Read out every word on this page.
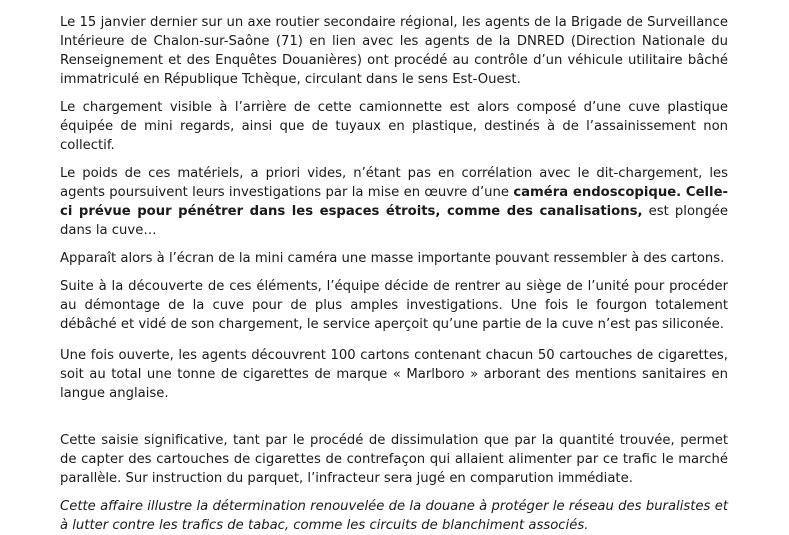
Le 15 janvier dernier sur un axe routier secondaire régional, les agents de la Brigade de Surveillance Intérieure de Chalon-sur-Saône (71) en lien avec les agents de la DNRED (Direction Nationale du Renseignement et des Enquêtes Douanières) ont procédé au contrôle d’un véhicule utilitaire bâché immatriculé en République Tchèque, circulant dans le sens Est-Ouest.

Le chargement visible à l’arrière de cette camionnette est alors composé d’une cuve plastique équipée de mini regards, ainsi que de tuyaux en plastique, destinés à de l’assainissement non collectif.

Le poids de ces matériels, a priori vides, n’étant pas en corrélation avec le dit-chargement, les agents poursuivent leurs investigations par la mise en œuvre d’une caméra endoscopique. Celle-ci prévue pour pénétrer dans les espaces étroits, comme des canalisations, est plongée dans la cuve…

Apparaît alors à l’écran de la mini caméra une masse importante pouvant ressembler à des cartons.

Suite à la découverte de ces éléments, l’équipe décide de rentrer au siège de l’unité pour procéder au démontage de la cuve pour de plus amples investigations. Une fois le fourgon totalement débâché et vidé de son chargement, le service aperçoit qu’une partie de la cuve n’est pas siliconée.

Une fois ouverte, les agents découvrent 100 cartons contenant chacun 50 cartouches de cigarettes, soit au total une tonne de cigarettes de marque « Marlboro » arborant des mentions sanitaires en langue anglaise.

Cette saisie significative, tant par le procédé de dissimulation que par la quantité trouvée, permet de capter des cartouches de cigarettes de contrefaçon qui allaient alimenter par ce trafic le marché parallèle. Sur instruction du parquet, l’infracteur sera jugé en comparution immédiate.

Cette affaire illustre la détermination renouvelée de la douane à protéger le réseau des buralistes et à lutter contre les trafics de tabac, comme les circuits de blanchiment associés.
